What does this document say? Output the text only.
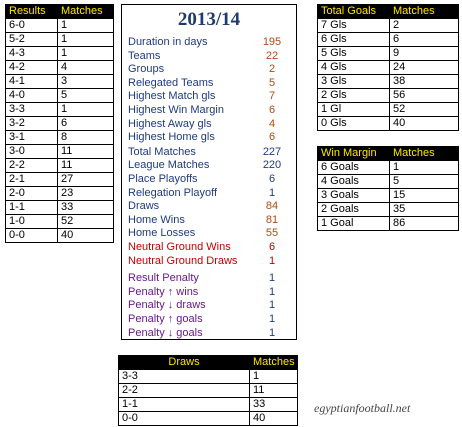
Results	Matches
6-0	1
5-2	1
4-3	1
4-2	4
4-1	3
4-0	5
3-3	1
3-2	6
3-1	8
3-0	11
2-2	11
2-1	27
2-0	23
1-1	33
1-0	52
0-0	40
2013/14
Duration in days	195
Teams	22
Groups	2
Relegated Teams	5
Highest Match gls	7
Highest Win Margin	6
Highest Away gls	4
Highest Home gls	6
Total Matches	227
League Matches	220
Place Playoffs	6
Relegation Playoff	1
Draws	84
Home Wins	81
Home Losses	55
Neutral Ground Wins	6
Neutral Ground Draws	1
Result Penalty	1
Penalty ↑ wins	1
Penalty ↓ draws	1
Penalty ↑ goals	1
Penalty ↓ goals	1
Total Goals	Matches
7 Gls	2
6 Gls	6
5 Gls	9
4 Gls	24
3 Gls	38
2 Gls	56
1 Gl	52
0 Gls	40
Win Margin	Matches
6 Goals	1
4 Goals	5
3 Goals	15
2 Goals	35
1 Goal	86
Draws	Matches
3-3	1
2-2	11
1-1	33
0-0	40
egyptianfootball.net
